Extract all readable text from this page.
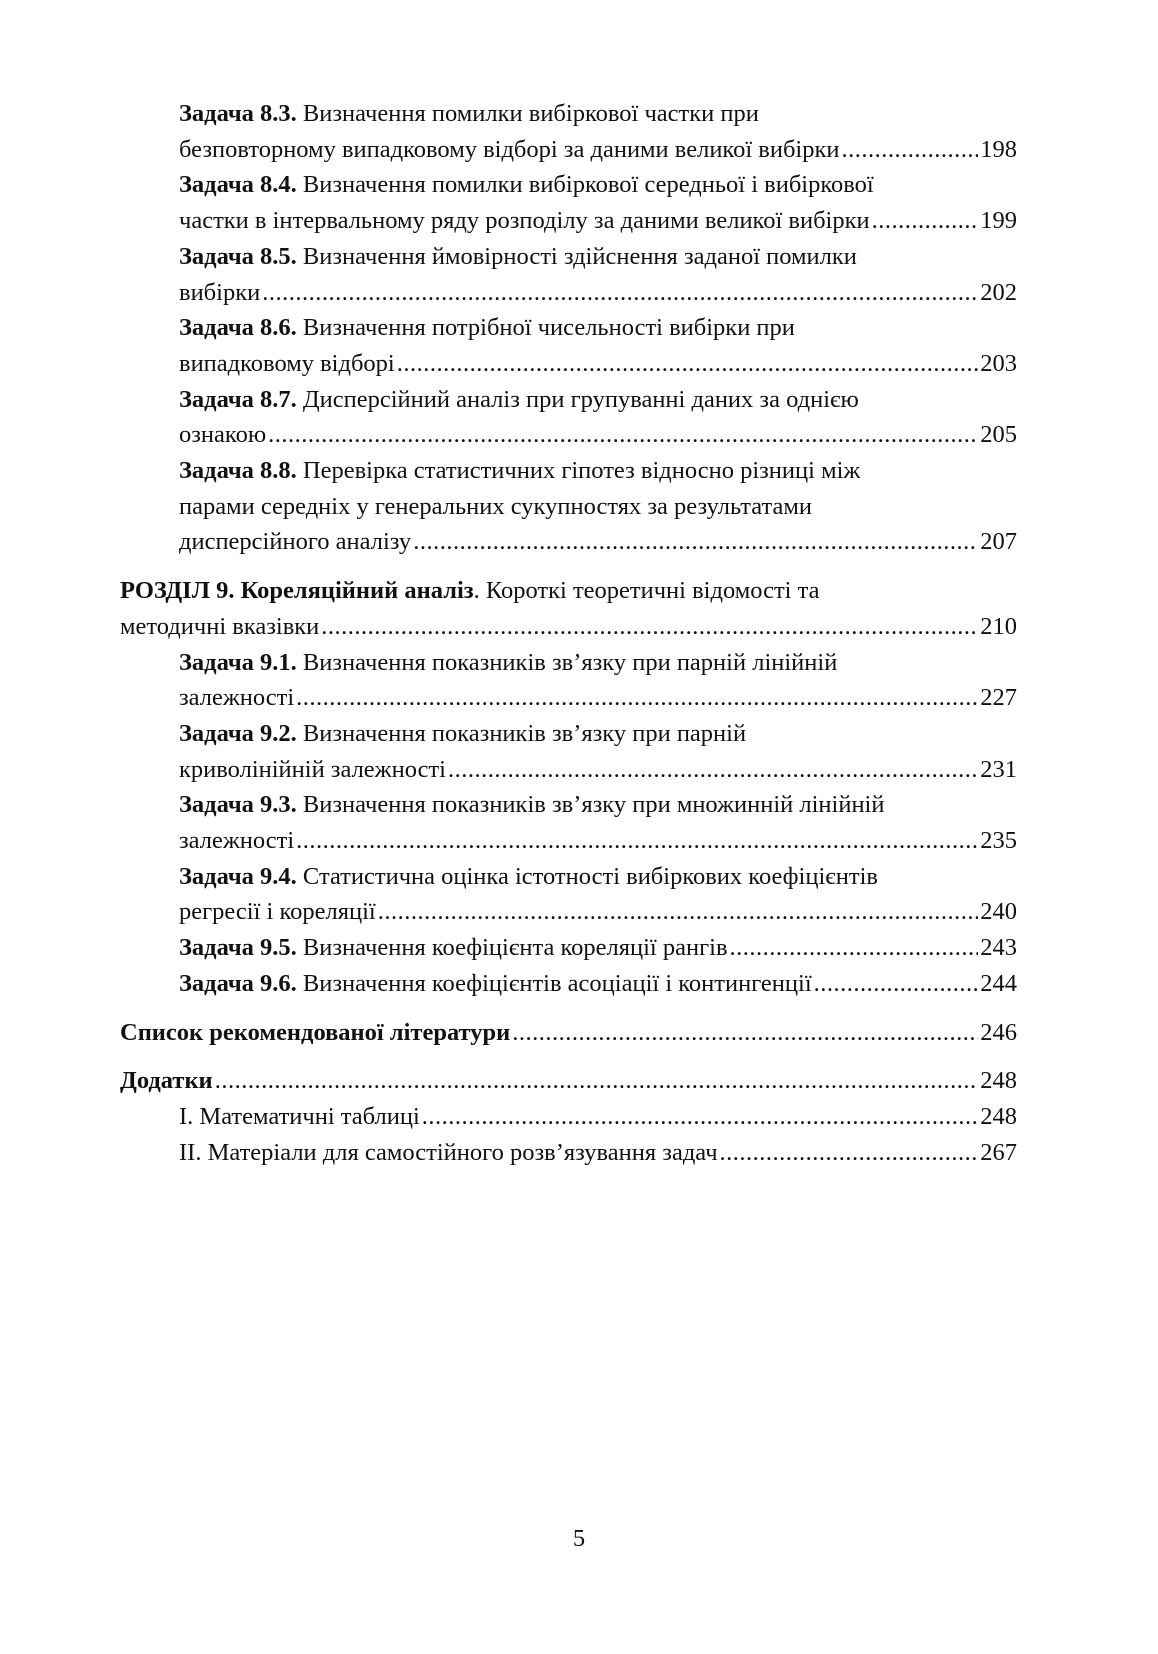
Задача 8.3. Визначення помилки вибіркової частки при
безповторному випадковому відборі за даними великої вибірки .....	198
Задача 8.4. Визначення помилки вибіркової середньої і вибіркової
частки в інтервальному ряду розподілу за даними великої вибірки .....	199
Задача 8.5. Визначення ймовірності здійснення заданої помилки
вибірки .....	202
Задача 8.6. Визначення потрібної чисельності вибірки при
випадковому відборі .....	203
Задача 8.7. Дисперсійний аналіз при групуванні даних за однією
ознакою .....	205
Задача 8.8. Перевірка статистичних гіпотез відносно різниці між
парами середніх у генеральних сукупностях за результатами
дисперсійного аналізу .....	207
РОЗДІЛ 9. Кореляційний аналіз. Короткі теоретичні відомості та
методичні вказівки .....	210
Задача 9.1. Визначення показників зв’язку при парній лінійній
залежності .....	227
Задача 9.2. Визначення показників зв’язку при парній
криволінійній залежності .....	231
Задача 9.3. Визначення показників зв’язку при множинній лінійній
залежності .....	235
Задача 9.4. Статистична оцінка істотності вибіркових коефіцієнтів
регресії і кореляції .....	240
Задача 9.5. Визначення коефіцієнта кореляції рангів .....	243
Задача 9.6. Визначення коефіцієнтів асоціації і контингенції .....	244
Список рекомендованої літератури .....	246
Додатки .....	248
І. Математичні таблиці .....	248
ІІ. Матеріали для самостійного розв’язування задач .....	267
5
